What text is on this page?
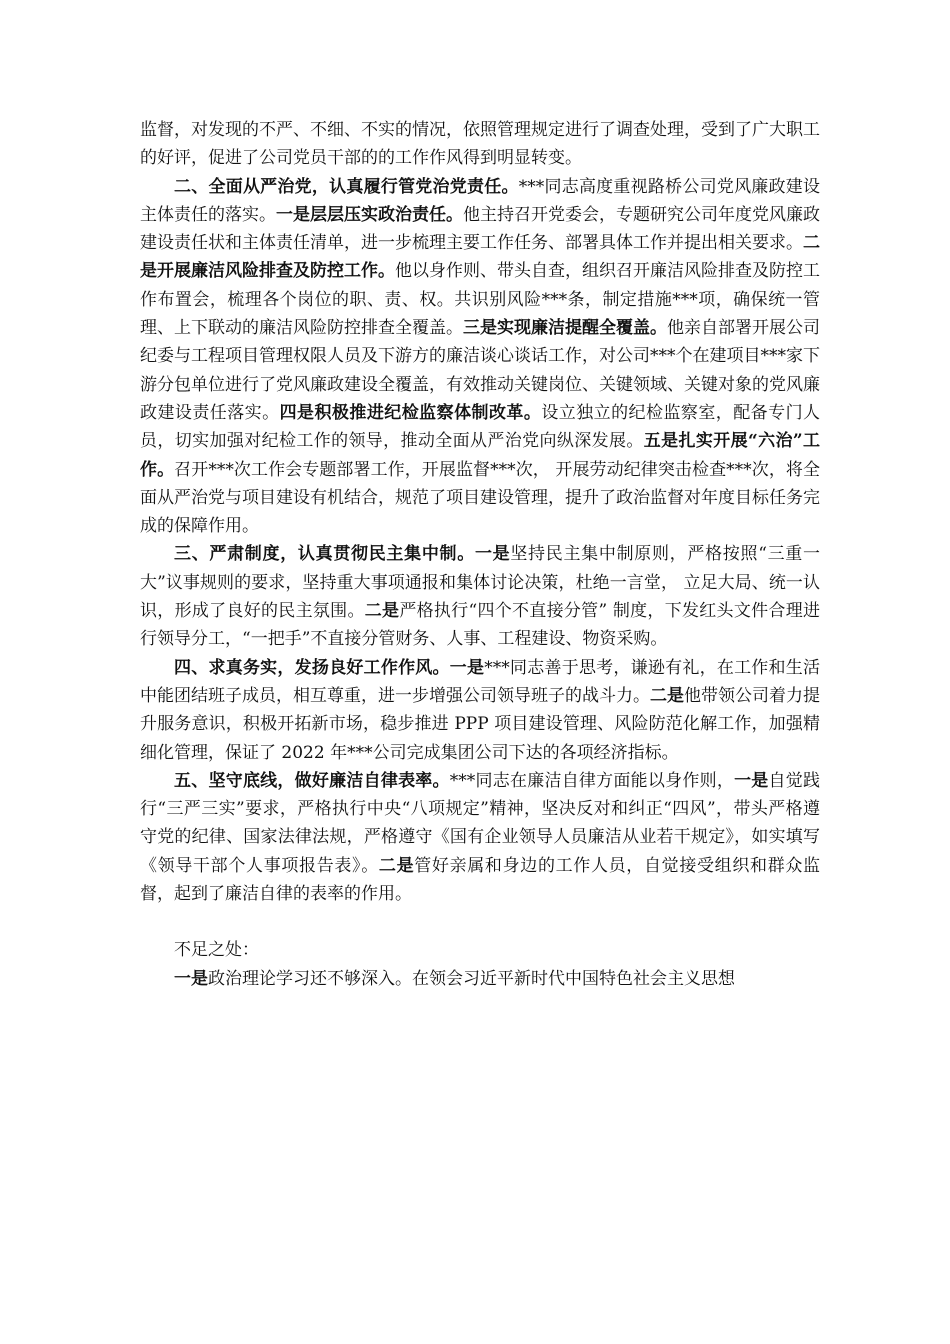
监督，对发现的不严、不细、不实的情况，依照管理规定进行了调查处理，受到了广大职工的好评，促进了公司党员干部的的工作作风得到明显转变。

二、全面从严治党，认真履行管党治党责任。***同志高度重视路桥公司党风廉政建设主体责任的落实。一是层层压实政治责任。他主持召开党委会，专题研究公司年度党风廉政建设责任状和主体责任清单，进一步梳理主要工作任务、部署具体工作并提出相关要求。二是开展廉洁风险排查及防控工作。他以身作则、带头自查，组织召开廉洁风险排查及防控工作布置会，梳理各个岗位的职、责、权。共识别风险***条，制定措施***项，确保统一管理、上下联动的廉洁风险防控排查全覆盖。三是实现廉洁提醒全覆盖。他亲自部署开展公司纪委与工程项目管理权限人员及下游方的廉洁谈心谈话工作，对公司***个在建项目***家下游分包单位进行了党风廉政建设全覆盖，有效推动关键岗位、关键领域、关键对象的党风廉政建设责任落实。四是积极推进纪检监察体制改革。设立独立的纪检监察室，配备专门人员，切实加强对纪检工作的领导，推动全面从严治党向纵深发展。五是扎实开展“六治”工作。召开***次工作会专题部署工作，开展监督***次， 开展劳动纪律突击检查***次，将全面从严治党与项目建设有机结合，规范了项目建设管理，提升了政治监督对年度目标任务完成的保障作用。

三、严肃制度，认真贯彻民主集中制。一是坚持民主集中制原则，严格按照“三重一大”议事规则的要求，坚持重大事项通报和集体讨论决策，杜绝一言堂， 立足大局、统一认识，形成了良好的民主氛围。二是严格执行“四个不直接分管” 制度，下发红头文件合理进行领导分工，“一把手”不直接分管财务、人事、工程建设、物资采购。

四、求真务实，发扬良好工作作风。一是***同志善于思考，谦逊有礼，在工作和生活中能团结班子成员，相互尊重，进一步增强公司领导班子的战斗力。二是他带领公司着力提升服务意识，积极开拓新市场，稳步推进 PPP 项目建设管理、风险防范化解工作，加强精细化管理，保证了 2022 年***公司完成集团公司下达的各项经济指标。

五、坚守底线，做好廉洁自律表率。***同志在廉洁自律方面能以身作则，一是自觉践行“三严三实”要求，严格执行中央“八项规定”精神，坚决反对和纠正“四风”，带头严格遵守党的纪律、国家法律法规，严格遵守《国有企业领导人员廉洁从业若干规定》，如实填写《领导干部个人事项报告表》。二是管好亲属和身边的工作人员，自觉接受组织和群众监督，起到了廉洁自律的表率的作用。

不足之处：

一是政治理论学习还不够深入。在领会习近平新时代中国特色社会主义思想
